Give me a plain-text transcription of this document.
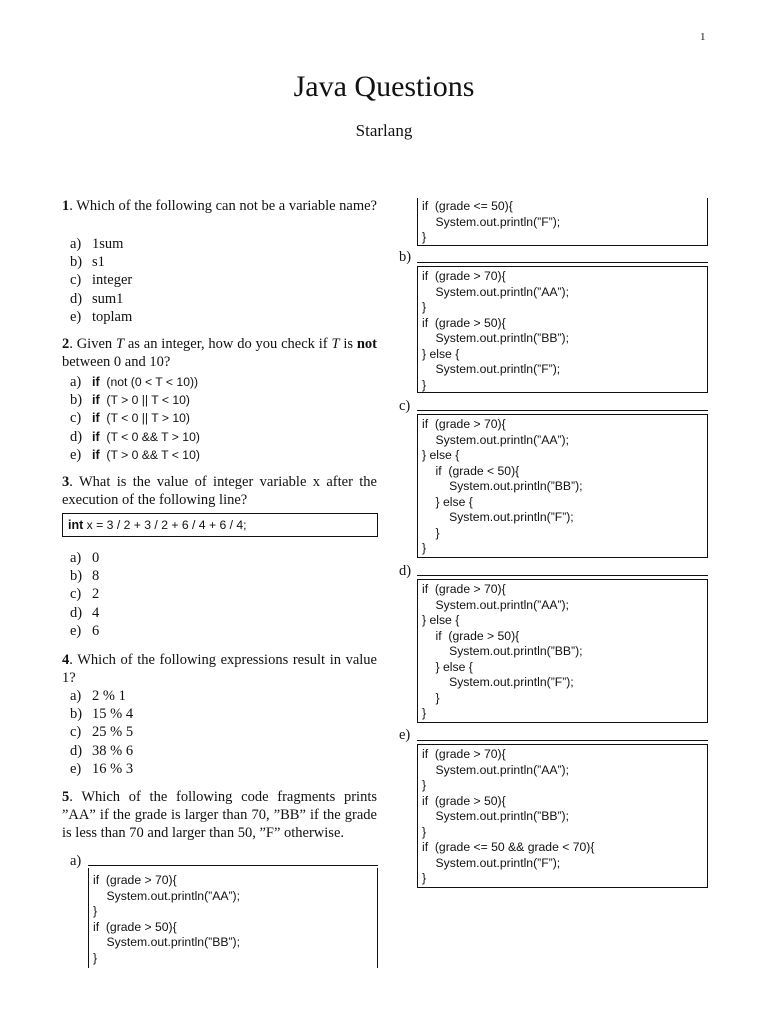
1
Java Questions
Starlang
1. Which of the following can not be a variable name?
a) 1sum
b) s1
c) integer
d) sum1
e) toplam
2. Given T as an integer, how do you check if T is not between 0 and 10?
a) if  (not (0 < T < 10))
b) if  (T > 0 || T < 10)
c) if  (T < 0 || T > 10)
d) if  (T < 0 && T > 10)
e) if  (T > 0 && T < 10)
3. What is the value of integer variable x after the execution of the following line?
int x = 3 / 2 + 3 / 2 + 6 / 4 + 6 / 4;
a) 0
b) 8
c) 2
d) 4
e) 6
4. Which of the following expressions result in value 1?
a) 2 % 1
b) 15 % 4
c) 25 % 5
d) 38 % 6
e) 16 % 3
5. Which of the following code fragments prints ”AA” if the grade is larger than 70, ”BB” if the grade is less than 70 and larger than 50, ”F” otherwise.
a)
if  (grade > 70){
System.out.println(”AA”);
}
if  (grade > 50){
System.out.println(”BB”);
}
if  (grade <= 50){
System.out.println(”F”);
}
b)
if  (grade > 70){
System.out.println(”AA”);
}
if  (grade > 50){
System.out.println(”BB”);
} else {
System.out.println(”F”);
}
c)
if  (grade > 70){
System.out.println(”AA”);
} else {
if  (grade < 50){
System.out.println(”BB”);
} else {
System.out.println(”F”);
}
}
d)
if  (grade > 70){
System.out.println(”AA”);
} else {
if  (grade > 50){
System.out.println(”BB”);
} else {
System.out.println(”F”);
}
}
e)
if  (grade > 70){
System.out.println(”AA”);
}
if  (grade > 50){
System.out.println(”BB”);
}
if  (grade <= 50 && grade < 70){
System.out.println(”F”);
}
